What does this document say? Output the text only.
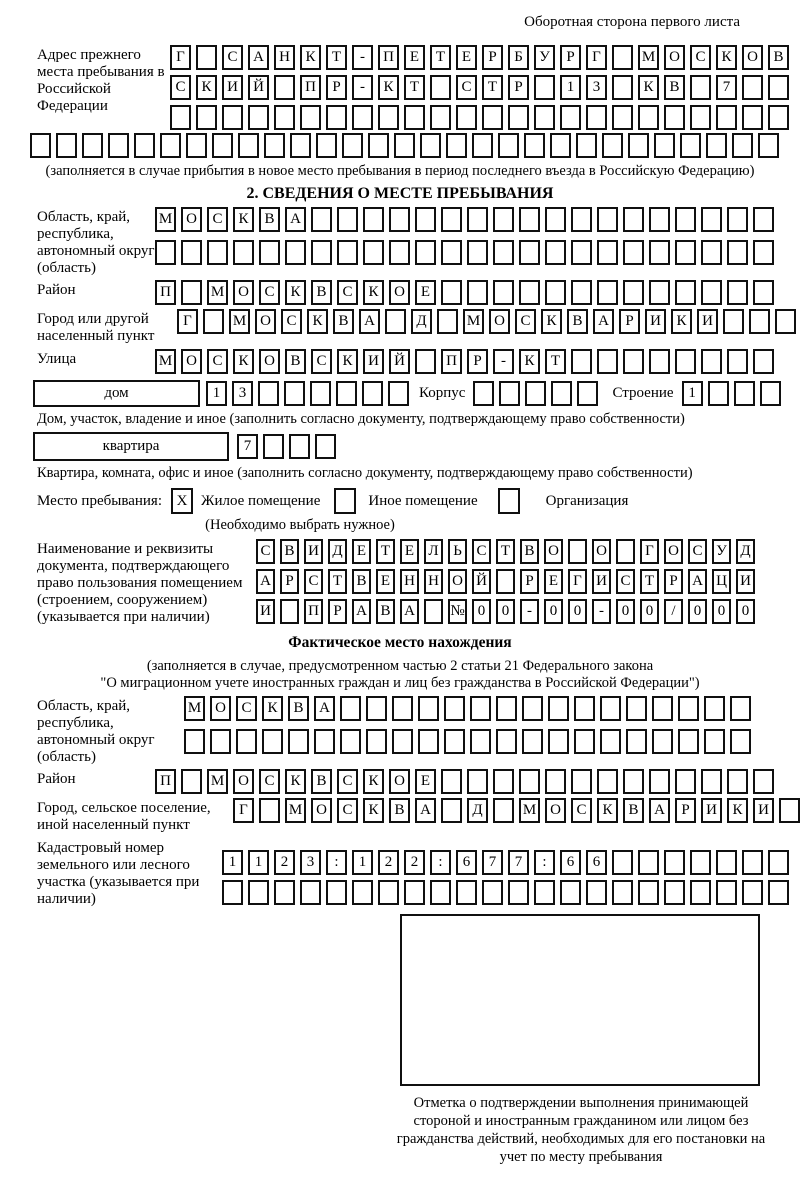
Оборотная сторона первого листа
Адрес прежнего места пребывания в Российской Федерации
Г	С	А	Н	К	Т	-	П	Е	Т	Е	Р	Б	У	Р	Г	М О	С	К	О	В
С	К	И	Й	П	Р	-	К	Т	С	Т	Р	1	3	К	В	7
(заполняется в случае прибытия в новое место пребывания в период последнего въезда в Российскую Федерацию)
2. СВЕДЕНИЯ О МЕСТЕ ПРЕБЫВАНИЯ
Область, край, республика, автономный округ (область)
М О	С	К	В	А
Район	П	М О	С	К	В	С	К	О	Е
Город или другой населенный пункт
Г	М О	С	К	В	А	Д	М О	С	К	В	А	Р	И	К	И
Улица	М О	С	К	О	В	С	К	И	Й	П	Р	-	К	Т
дом	1	3	Корпус	Строение 1
Дом, участок, владение и иное (заполнить согласно документу, подтверждающему право собственности)
квартира	7
Квартира, комната, офис и иное (заполнить согласно документу, подтверждающему право собственности)
Место пребывания: X Жилое помещение	Иное помещение	Организация
(Необходимо выбрать нужное)
Наименование и реквизиты документа, подтверждающего право пользования помещением (строением, сооружением) (указывается при наличии)
С В И Д Е Т Е Л Ь С Т В О О	Г О С У Д
А Р С Т В Е Н Н О Й	Р	Е	Г И С Т	Р А Ц И
И П Р А В А № 0	0	-	0	0	-	0	0	/	0	0	0
Фактическое место нахождения
(заполняется в случае, предусмотренном частью 2 статьи 21 Федерального закона
"О миграционном учете иностранных граждан и лиц без гражданства в Российской Федерации")
Область, край, республика, автономный округ (область)
М О	С	К	В	А
Район	П	М О	С	К	В	С	К	О	Е
Город, сельское поселение, иной населенный пункт
Г	М О	С	К	В	А	Д	М О	С	К	В	А	Р	И	К	И
Кадастровый номер земельного или лесного участка (указывается при наличии)
1	1	2	3	:	1	2	2	:	6	7	7	:	6	6
Отметка о подтверждении выполнения принимающей стороной и иностранным гражданином или лицом без гражданства действий, необходимых для его постановки на учет по месту пребывания
